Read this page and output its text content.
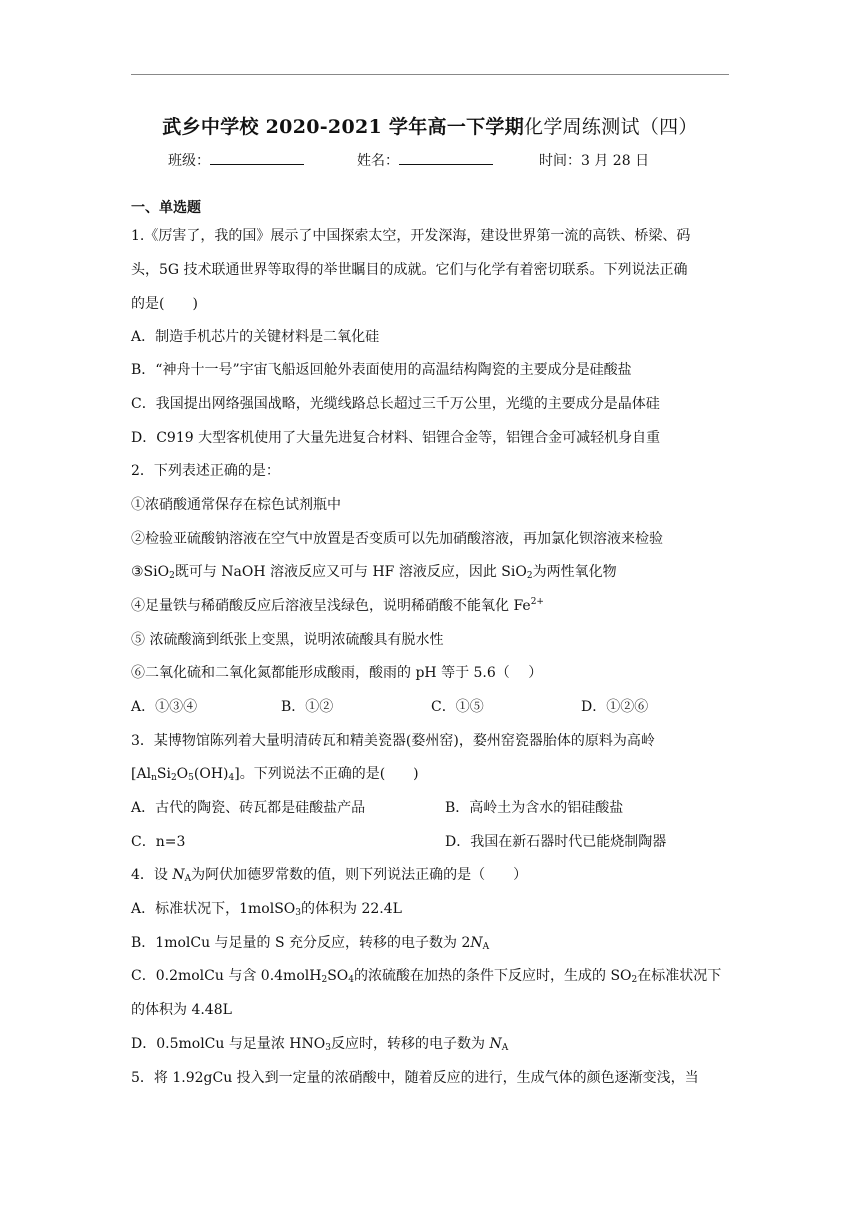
武乡中学校 2020-2021 学年高一下学期化学周练测试（四）
班级：	姓名：	时间：3 月 28 日
一、单选题
1.《厉害了，我的国》展示了中国探索太空，开发深海，建设世界第一流的高铁、桥梁、码
头，5G 技术联通世界等取得的举世瞩目的成就。它们与化学有着密切联系。下列说法正确
的是(　　)
A．制造手机芯片的关键材料是二氧化硅
B．“神舟十一号”宇宙飞船返回舱外表面使用的高温结构陶瓷的主要成分是硅酸盐
C．我国提出网络强国战略，光缆线路总长超过三千万公里，光缆的主要成分是晶体硅
D．C919 大型客机使用了大量先进复合材料、铝锂合金等，铝锂合金可减轻机身自重
2．下列表述正确的是：
①浓硝酸通常保存在棕色试剂瓶中
②检验亚硫酸钠溶液在空气中放置是否变质可以先加硝酸溶液，再加氯化钡溶液来检验
③SiO$_2$既可与 NaOH 溶液反应又可与 HF 溶液反应，因此 SiO$_2$为两性氧化物
④足量铁与稀硝酸反应后溶液呈浅绿色，说明稀硝酸不能氧化 $Fe^{2+}$
⑤ 浓硫酸滴到纸张上变黑，说明浓硫酸具有脱水性
⑥二氧化硫和二氧化氮都能形成酸雨，酸雨的 pH 等于 5.6（　 ）
A．①③④	B．①②	C．①⑤	D．①②⑥
3．某博物馆陈列着大量明清砖瓦和精美瓷器(婺州窑)，婺州窑瓷器胎体的原料为高岭
$[Al_nSi_2O_5(OH)_4]$。下列说法不正确的是(　　)
A．古代的陶瓷、砖瓦都是硅酸盐产品	B．高岭土为含水的铝硅酸盐
C．n=3	D．我国在新石器时代已能烧制陶器
4．设 $N_A$为阿伏加德罗常数的值，则下列说法正确的是（　　）
A．标准状况下，1molSO$_3$的体积为 22.4L
B．1molCu 与足量的 S 充分反应，转移的电子数为 $2N_A$
C．0.2molCu 与含 $0.4molH_2SO_4$的浓硫酸在加热的条件下反应时，生成的 $SO_2$在标准状况下
的体积为 4.48L
D．0.5molCu 与足量浓 $HNO_3$反应时，转移的电子数为 $N_A$
5．将 1.92gCu 投入到一定量的浓硝酸中，随着反应的进行，生成气体的颜色逐渐变浅，当
